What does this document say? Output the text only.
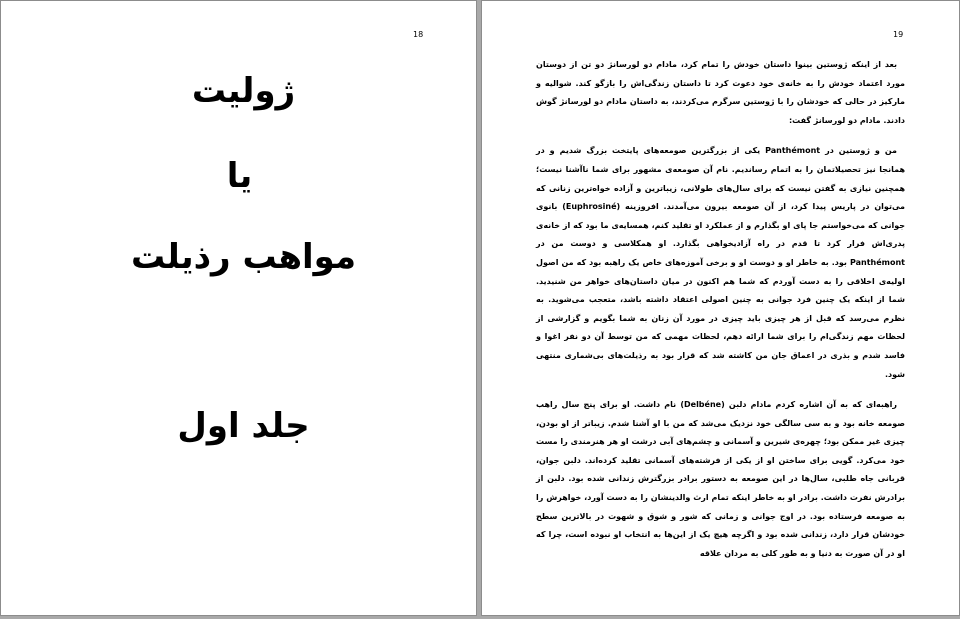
18
ژولیت
یا
مواهب رذیلت
جلد اول
19

بعد از اینکه ژوستین بینوا داستان خودش را تمام کرد، مادام دو لورسانژ دو تن از دوستان مورد اعتماد خودش را به خانه‌ی خود دعوت کرد تا داستان زندگی‌اش را بازگو کند. شوالیه و مارکیز در حالی که خودشان را با ژوستین سرگرم می‌کردند، به داستان مادام دو لورسانژ گوش دادند. مادام دو لورسانژ گفت:

من و ژوستین در Panthémont یکی از بزرگترین صومعه‌های پایتخت بزرگ شدیم و در همانجا نیز تحصیلاتمان را به اتمام رساندیم. نام آن صومعه‌ی مشهور برای شما ناآشنا نیست؛ همچنین نیازی به گفتن نیست که برای سال‌های طولانی، زیباترین و آزاده خواه‌ترین زنانی که می‌توان در پاریس پیدا کرد، از آن صومعه بیرون می‌آمدند. افروزینه (Euphrosiné) بانوی جوانی که می‌خواستم جا پای او بگذارم و از عملکرد او تقلید کنم، همسایه‌ی ما بود که از خانه‌ی پدری‌اش فرار کرد تا قدم در راه آزادیخواهی بگذارد. او همکلاسی و دوست من در Panthémont بود. به خاطر او و دوست او و برخی آموزه‌های خاص یک راهبه بود که من اصول اولیه‌ی اخلاقی را به دست آوردم که شما هم اکنون در میان داستان‌های خواهر من شنیدید. شما از اینکه یک چنین فرد جوانی به چنین اصولی اعتقاد داشته باشد، متعجب می‌شوید. به نظرم می‌رسد که قبل از هر چیزی باید چیزی در مورد آن زنان به شما بگویم و گزارشی از لحظات مهم زندگی‌ام را برای شما ارائه دهم، لحظات مهمی که من توسط آن دو نفر اغوا و فاسد شدم و بذری در اعماق جان من کاشته شد که قرار بود به رذیلت‌های بی‌شماری منتهی شود.

راهبه‌ای که به آن اشاره کردم مادام دلبن (Delbéne) نام داشت. او برای پنج سال راهب صومعه خانه بود و به سی سالگی خود نزدیک می‌شد که من با او آشنا شدم. زیباتر از او بودن، چیزی غیر ممکن بود؛ چهره‌ی شیرین و آسمانی و چشم‌های آبی درشت او هر هنرمندی را مست خود می‌کرد. گویی برای ساختن او از یکی از فرشته‌های آسمانی تقلید کرده‌اند. دلبن جوان، قربانی جاه طلبی، سال‌ها در این صومعه به دستور برادر بزرگترش زندانی شده بود. دلبن از برادرش نفرت داشت. برادر او به خاطر اینکه تمام ارث والدینشان را به دست آورد، خواهرش را به صومعه فرستاده بود. در اوج جوانی و زمانی که شور و شوق و شهوت در بالاترین سطح خودشان قرار دارد، زندانی شده بود و اگرچه هیچ یک از این‌ها به انتخاب او نبوده است، چرا که او در آن صورت به دنیا و به طور کلی به مردان علاقه
